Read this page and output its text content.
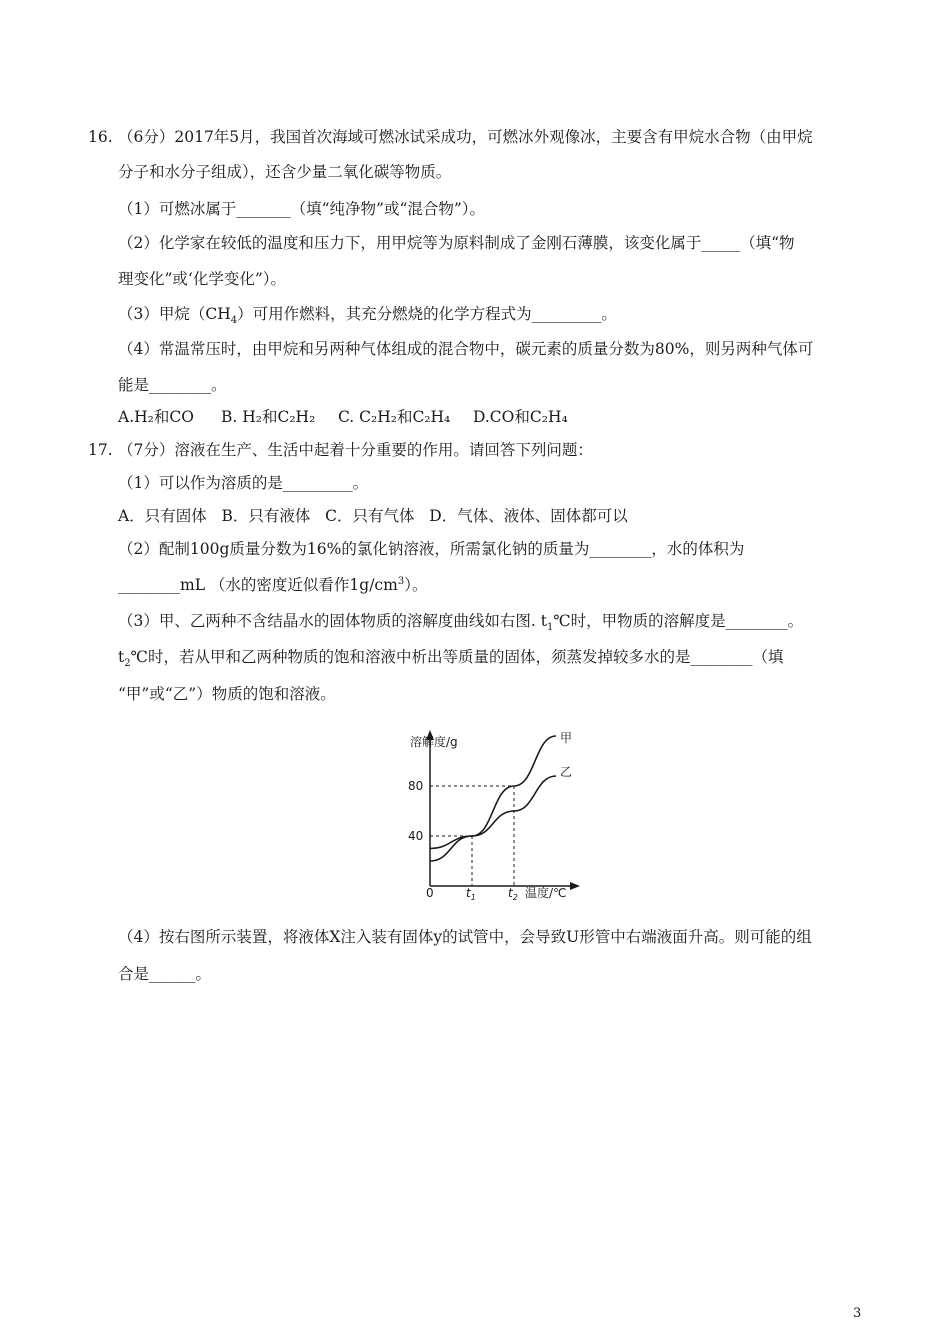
16. （6分）2017年5月，我国首次海域可燃冰试采成功，可燃冰外观像冰，主要含有甲烷水合物（由甲烷
分子和水分子组成），还含少量二氧化碳等物质。
（1）可燃冰属于_______（填“纯净物”或“混合物”）。
（2）化学家在较低的温度和压力下，用甲烷等为原料制成了金刚石薄膜，该变化属于_____（填“物
理变化”或‘化学变化”）。
（3）甲烷$(CH_4)$可用作燃料，其充分燃烧的化学方程式为_________。
（4）常温常压时，由甲烷和另两种气体组成的混合物中，碳元素的质量分数为80%，则另两种气体可
能是________。
A.H₂和CO B. H₂和C₂H₂ C. C₂H₂和C₂H₄ D.CO和C₂H₄
17. （7分）溶液在生产、生活中起着十分重要的作用。请回答下列问题：
（1）可以作为溶质的是_________。
A．只有固体   B．只有液体   C．只有气体   D．气体、液体、固体都可以
（2）配制100g质量分数为16%的氯化钠溶液，所需氯化钠的质量为________，水的体积为
________mL （水的密度近似看作$1g/cm^3$）。
（3）甲、乙两种不含结晶水的固体物质的溶解度曲线如右图. $t_1℃$时，甲物质的溶解度是________。
$t_2℃$时，若从甲和乙两种物质的饱和溶液中析出等质量的固体，须蒸发掉较多水的是________（填
“甲”或“乙”）物质的饱和溶液。
溶解度/g
温度/℃
0
甲
乙
40
80
$t_1$	$t_2$
（4）按右图所示装置，将液体X注入装有固体y的试管中，会导致U形管中右端液面升高。则可能的组
合是______。
3
